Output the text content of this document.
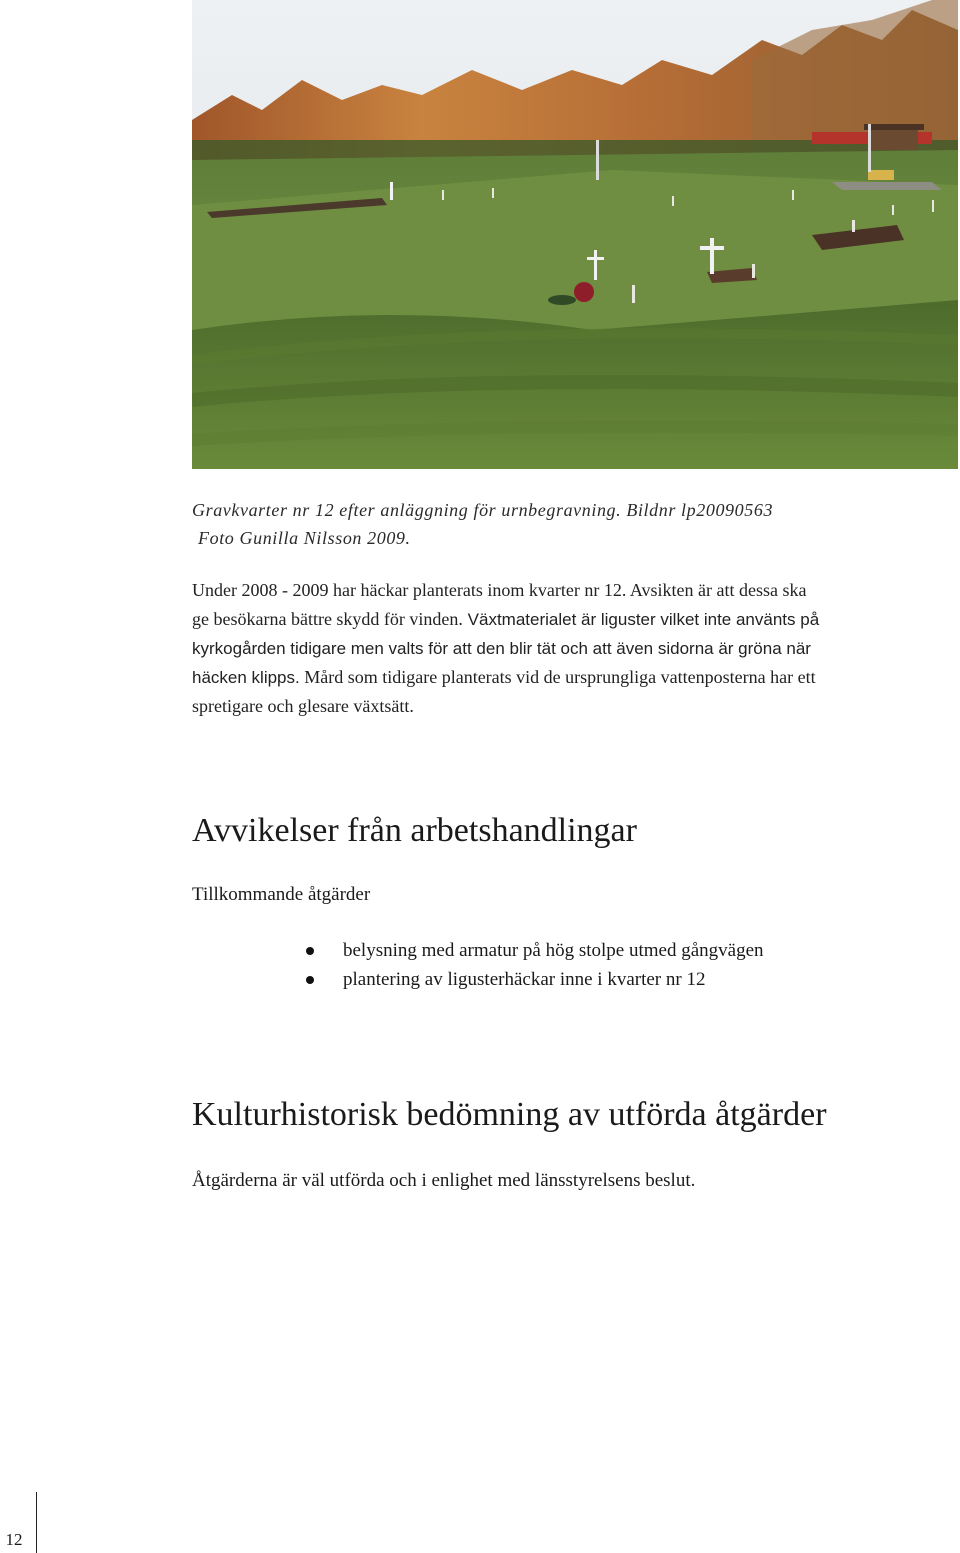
Gravkvarter nr 12 efter anläggning för urnbegravning. Bildnr lp20090563
Foto Gunilla Nilsson 2009.
Under 2008 - 2009 har häckar planterats inom kvarter nr 12. Avsikten är att dessa ska
ge besökarna bättre skydd för vinden. Växtmaterialet är liguster vilket inte använts på
kyrkogården tidigare men valts för att den blir tät och att även sidorna är gröna när
häcken klipps. Mård som tidigare planterats vid de ursprungliga vattenposterna har ett
spretigare och glesare växtsätt.
Avvikelser från arbetshandlingar
Tillkommande åtgärder
belysning med armatur på hög stolpe utmed gångvägen
plantering av ligusterhäckar inne i kvarter nr 12
Kulturhistorisk bedömning av utförda åtgärder
Åtgärderna är väl utförda och i enlighet med länsstyrelsens beslut.
12
